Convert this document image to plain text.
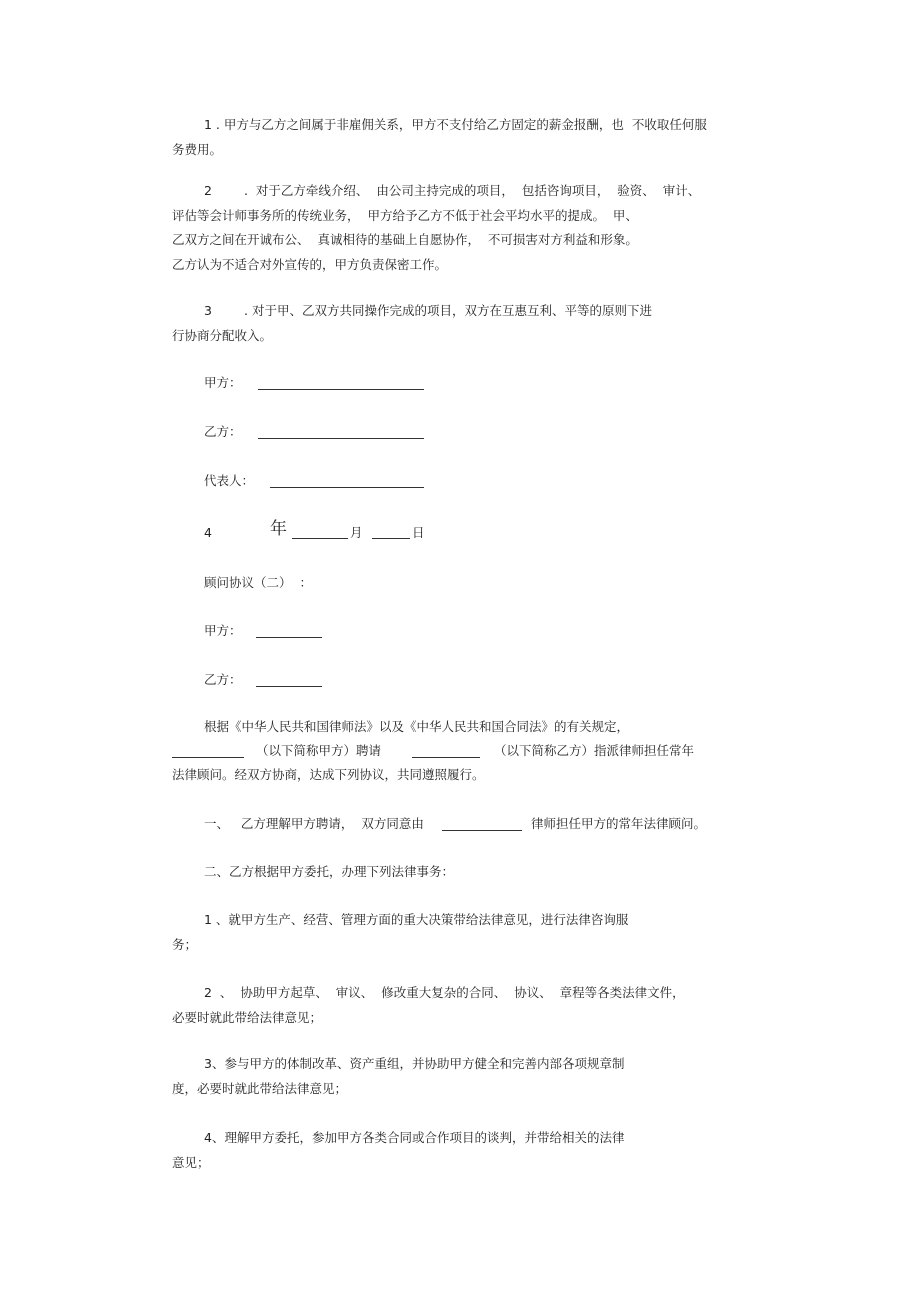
1 . 甲方与乙方之间属于非雇佣关系，甲方不支付给乙方固定的薪金报酬，也  不收取任何服
务费用。
2	.  对于乙方牵线介绍、  由公司主持完成的项目，  包括咨询项目，  验资、  审计、
评估等会计师事务所的传统业务，  甲方给予乙方不低于社会平均水平的提成。  甲、
乙双方之间在开诚布公、  真诚相待的基础上自愿协作，  不可损害对方利益和形象。
乙方认为不适合对外宣传的，甲方负责保密工作。
3	. 对于甲、乙双方共同操作完成的项目，双方在互惠互利、平等的原则下进
行协商分配收入。
甲方：
乙方：
代表人：
4	年	月	日
顾问协议（二）  ：
甲方：
乙方：
根据《中华人民共和国律师法》以及《中华人民共和国合同法》的有关规定，
（以下简称甲方）聘请	（以下简称乙方）指派律师担任常年
法律顾问。经双方协商，达成下列协议，共同遵照履行。
一、   乙方理解甲方聘请，  双方同意由	律师担任甲方的常年法律顾问。
二、乙方根据甲方委托，办理下列法律事务：
1 、就甲方生产、经营、管理方面的重大决策带给法律意见，进行法律咨询服
务；
2  、  协助甲方起草、  审议、  修改重大复杂的合同、  协议、  章程等各类法律文件，
必要时就此带给法律意见；
3、参与甲方的体制改革、资产重组，并协助甲方健全和完善内部各项规章制
度，必要时就此带给法律意见；
4、理解甲方委托，参加甲方各类合同或合作项目的谈判，并带给相关的法律
意见；
